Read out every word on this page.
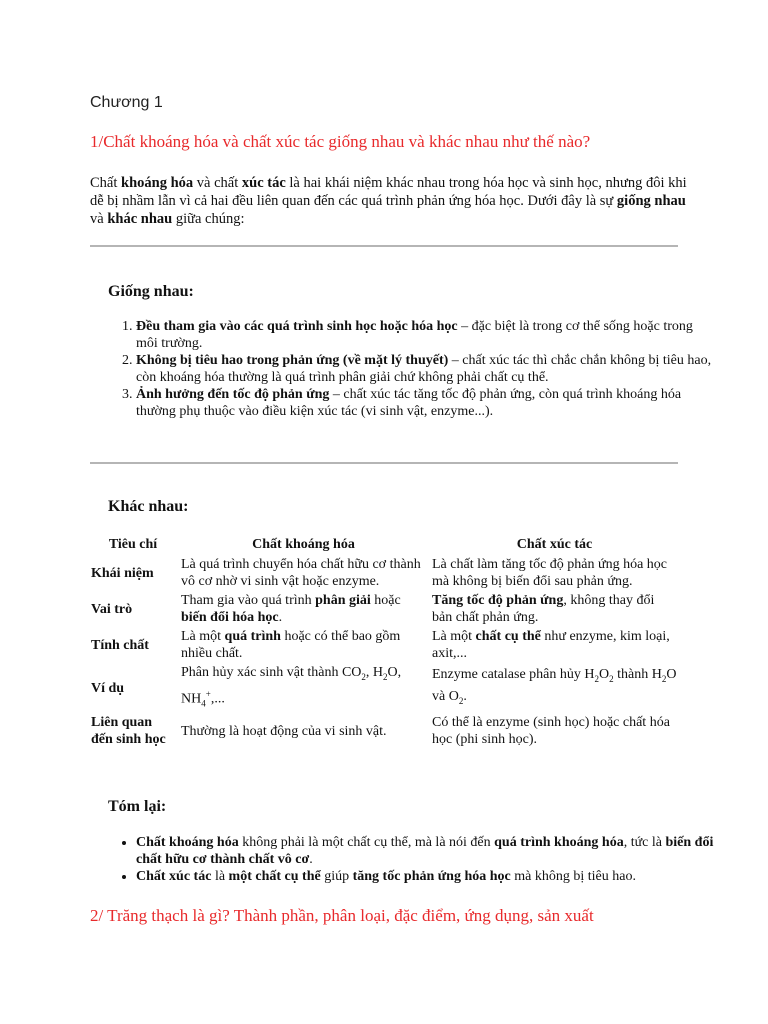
Chương 1
1/Chất khoáng hóa và chất xúc tác giống nhau và khác nhau như thế nào?

Chất khoáng hóa và chất xúc tác là hai khái niệm khác nhau trong hóa học và sinh học, nhưng đôi khi dễ bị nhầm lẫn vì cả hai đều liên quan đến các quá trình phản ứng hóa học. Dưới đây là sự giống nhau và khác nhau giữa chúng:

Giống nhau:
1. Đều tham gia vào các quá trình sinh học hoặc hóa học – đặc biệt là trong cơ thể sống hoặc trong môi trường.
2. Không bị tiêu hao trong phản ứng (về mặt lý thuyết) – chất xúc tác thì chắc chắn không bị tiêu hao, còn khoáng hóa thường là quá trình phân giải chứ không phải chất cụ thể.
3. Ảnh hưởng đến tốc độ phản ứng – chất xúc tác tăng tốc độ phản ứng, còn quá trình khoáng hóa thường phụ thuộc vào điều kiện xúc tác (vi sinh vật, enzyme...).
Khác nhau:
Tiêu chí	Chất khoáng hóa	Chất xúc tác
Khái niệm	Là quá trình chuyển hóa chất hữu cơ thành vô cơ nhờ vi sinh vật hoặc enzyme.	Là chất làm tăng tốc độ phản ứng hóa học mà không bị biến đổi sau phản ứng.
Vai trò	Tham gia vào quá trình phân giải hoặc biến đổi hóa học.	Tăng tốc độ phản ứng, không thay đổi bản chất phản ứng.
Tính chất	Là một quá trình hoặc có thể bao gồm nhiều chất.	Là một chất cụ thể như enzyme, kim loại, axit,...
Ví dụ	Phân hủy xác sinh vật thành $CO_2$, $H_2O$, $NH_4^+$,...	Enzyme catalase phân hủy $H_2O_2$ thành $H_2O$ và $O_2$.
Liên quan đến sinh học	Thường là hoạt động của vi sinh vật.	Có thể là enzyme (sinh học) hoặc chất hóa học (phi sinh học).
Tóm lại:
• Chất khoáng hóa không phải là một chất cụ thể, mà là nói đến quá trình khoáng hóa, tức là biến đổi chất hữu cơ thành chất vô cơ.
• Chất xúc tác là một chất cụ thể giúp tăng tốc phản ứng hóa học mà không bị tiêu hao.
2/ Trăng thạch là gì? Thành phần, phân loại, đặc điểm, ứng dụng, sản xuất
